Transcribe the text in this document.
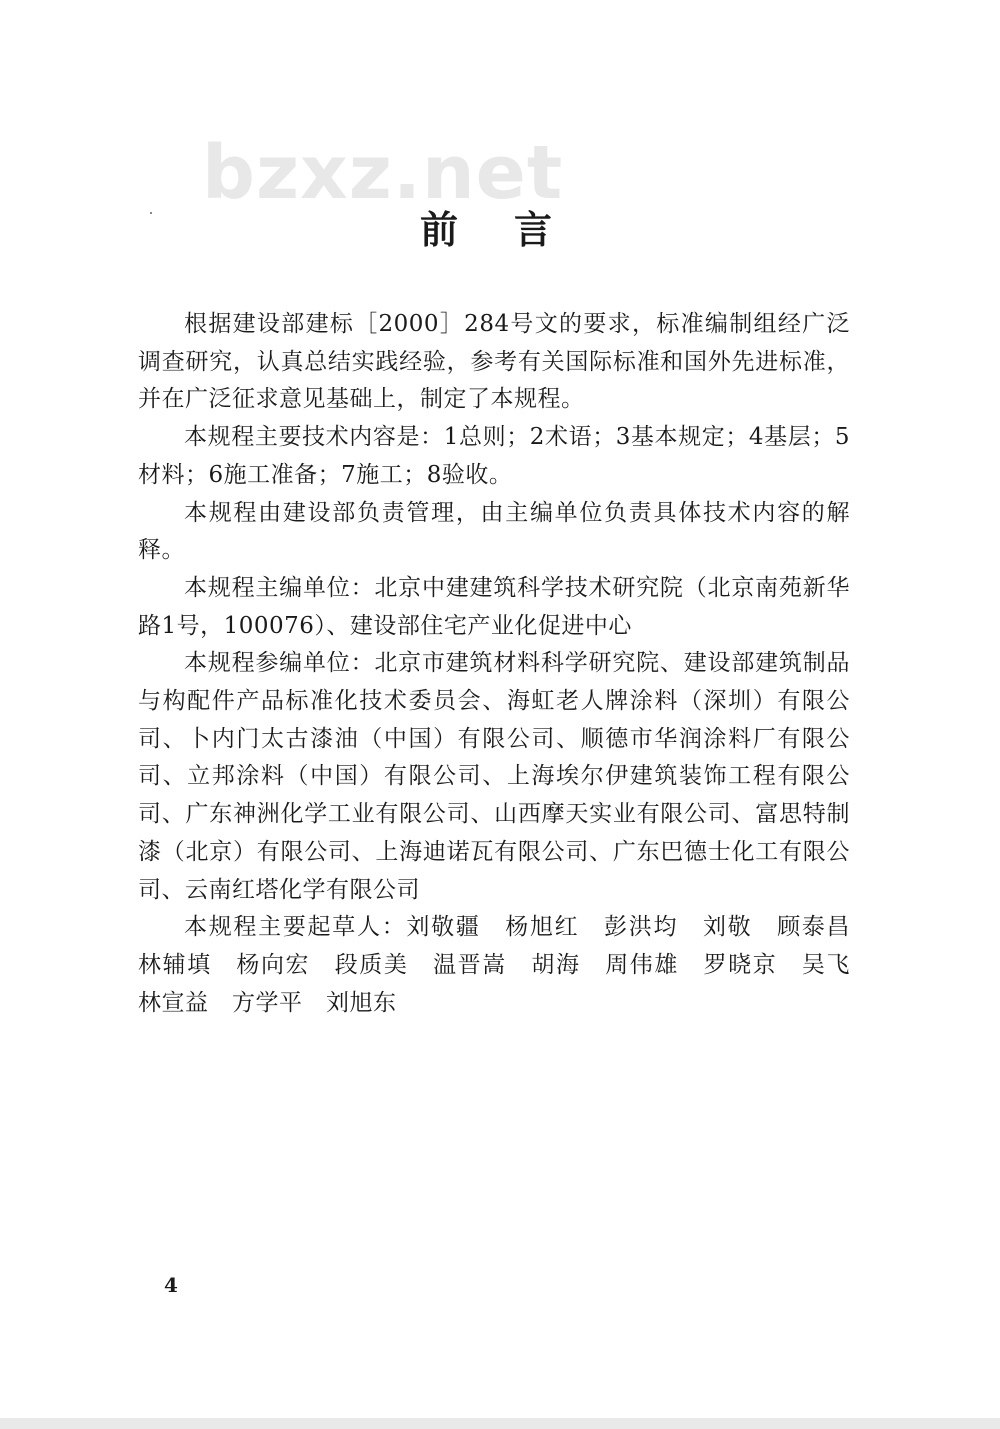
bzxz.net
前言

根据建设部建标［2000］284号文的要求，标准编制组经广泛调查研究，认真总结实践经验，参考有关国际标准和国外先进标准，并在广泛征求意见基础上，制定了本规程。

本规程主要技术内容是：1总则；2术语；3基本规定；4基层；5材料；6施工准备；7施工；8验收。

本规程由建设部负责管理，由主编单位负责具体技术内容的解释。

本规程主编单位：北京中建建筑科学技术研究院（北京南苑新华路1号，100076）、建设部住宅产业化促进中心

本规程参编单位：北京市建筑材料科学研究院、建设部建筑制品与构配件产品标准化技术委员会、海虹老人牌涂料（深圳）有限公司、卜内门太古漆油（中国）有限公司、顺德市华润涂料厂有限公司、立邦涂料（中国）有限公司、上海埃尔伊建筑装饰工程有限公司、广东神洲化学工业有限公司、山西摩天实业有限公司、富思特制漆（北京）有限公司、上海迪诺瓦有限公司、广东巴德士化工有限公司、云南红塔化学有限公司

本规程主要起草人：刘敬疆　杨旭红　彭洪均　刘敬　顾泰昌　林辅填　杨向宏　段质美　温晋嵩　胡海　周伟雄　罗晓京　吴飞　林宣益　方学平　刘旭东

4
